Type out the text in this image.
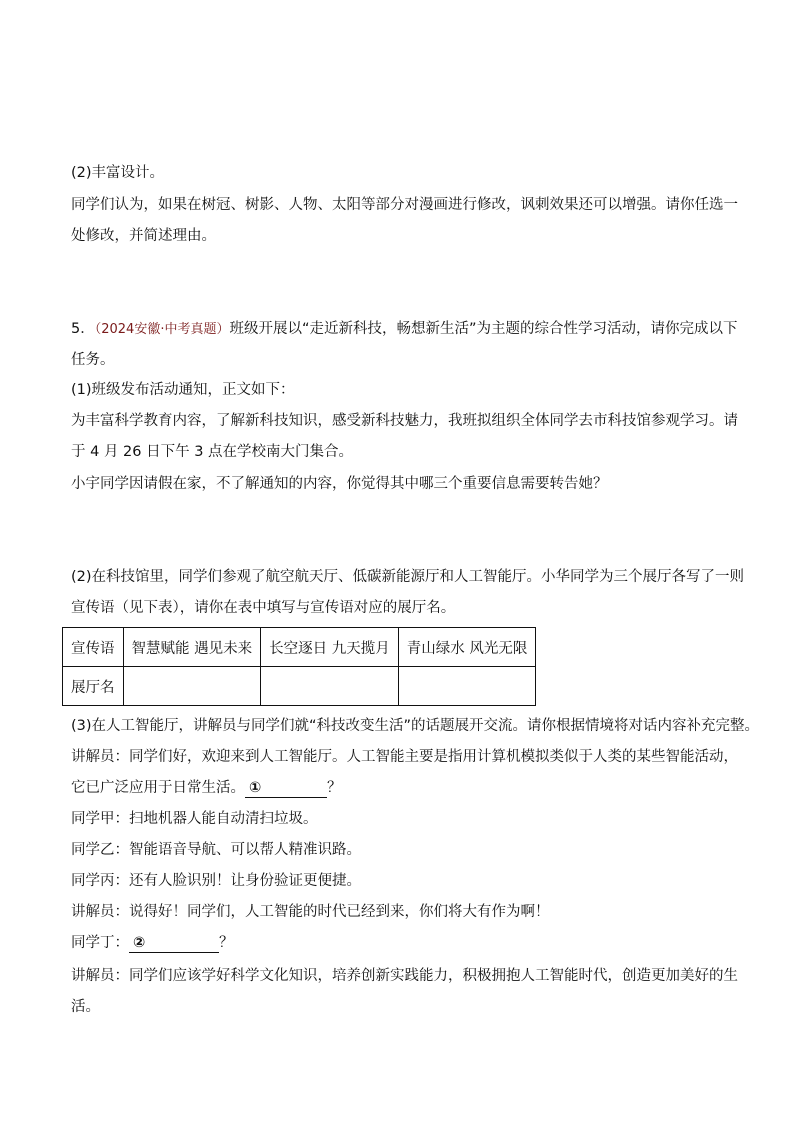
(2)丰富设计。
同学们认为，如果在树冠、树影、人物、太阳等部分对漫画进行修改，讽刺效果还可以增强。请你任选一
处修改，并简述理由。
5．（2024安徽·中考真题）班级开展以“走近新科技，畅想新生活”为主题的综合性学习活动，请你完成以下
任务。
(1)班级发布活动通知，正文如下：
为丰富科学教育内容，了解新科技知识，感受新科技魅力，我班拟组织全体同学去市科技馆参观学习。请
于 4 月 26 日下午 3 点在学校南大门集合。
小宇同学因请假在家，不了解通知的内容，你觉得其中哪三个重要信息需要转告她？
(2)在科技馆里，同学们参观了航空航天厅、低碳新能源厅和人工智能厅。小华同学为三个展厅各写了一则
宣传语（见下表），请你在表中填写与宣传语对应的展厅名。
宣传语	智慧赋能 遇见未来	长空逐日 九天揽月	青山绿水 风光无限
展厅名			
(3)在人工智能厅，讲解员与同学们就“科技改变生活”的话题展开交流。请你根据情境将对话内容补充完整。
讲解员：同学们好，欢迎来到人工智能厅。人工智能主要是指用计算机模拟类似于人类的某些智能活动，
它已广泛应用于日常生活。 ①	？
同学甲：扫地机器人能自动清扫垃圾。
同学乙：智能语音导航、可以帮人精准识路。
同学丙：还有人脸识别！让身份验证更便捷。
讲解员：说得好！同学们，人工智能的时代已经到来，你们将大有作为啊！
同学丁： ②	？
讲解员：同学们应该学好科学文化知识，培养创新实践能力，积极拥抱人工智能时代，创造更加美好的生
活。
